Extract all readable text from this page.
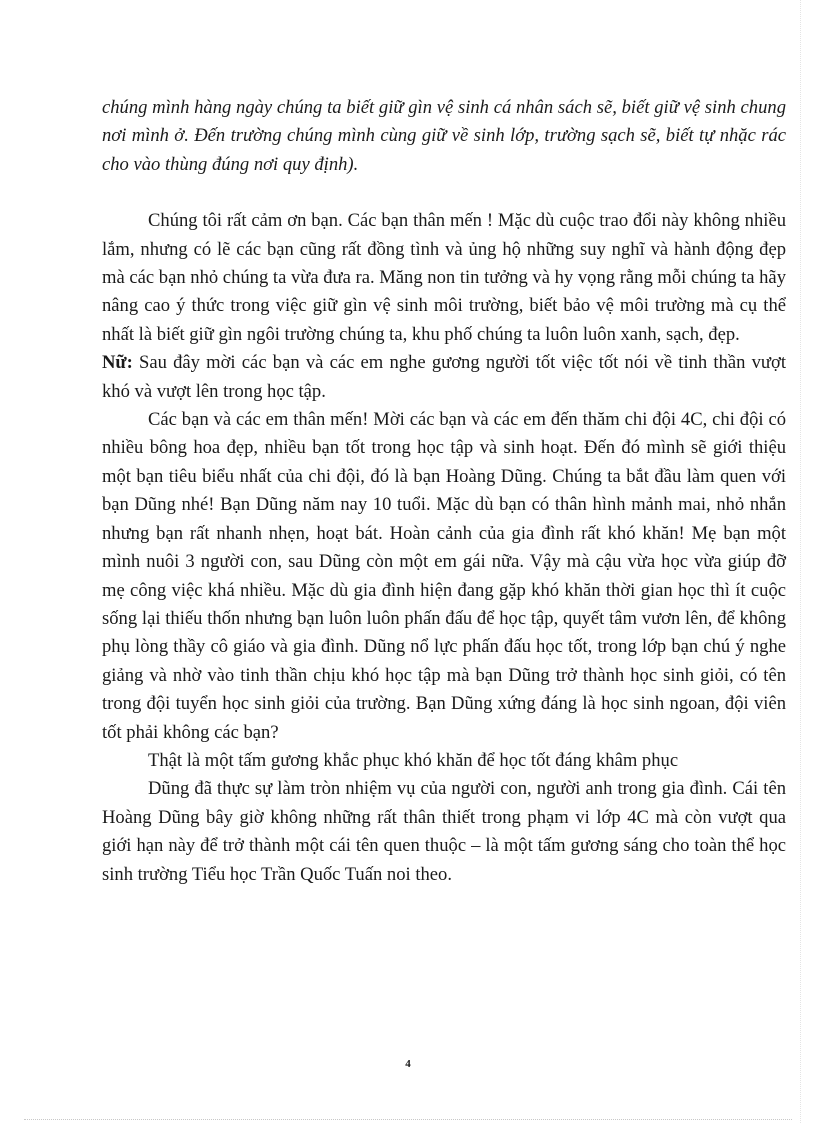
chúng mình hàng ngày chúng ta biết giữ gìn vệ sinh cá nhân sách sẽ, biết giữ vệ sinh chung nơi mình ở. Đến trường chúng mình cùng giữ về sinh lớp, trường sạch sẽ, biết tự nhặc rác cho vào thùng đúng nơi quy định).

Chúng tôi rất cảm ơn bạn. Các bạn thân mến ! Mặc dù cuộc trao đổi này không nhiều lắm, nhưng có lẽ các bạn cũng rất đồng tình và ủng hộ những suy nghĩ và hành động đẹp mà các bạn nhỏ chúng ta vừa đưa ra. Măng non tin tưởng và hy vọng rằng mỗi chúng ta hãy nâng cao ý thức trong việc giữ gìn vệ sinh môi trường, biết bảo vệ môi trường mà cụ thể nhất là biết giữ gìn ngôi trường chúng ta, khu phố chúng ta luôn luôn xanh, sạch, đẹp.

Nữ: Sau đây mời các bạn và các em nghe gương người tốt việc tốt nói về tinh thần vượt khó và vượt lên trong học tập.

Các bạn và các em thân mến! Mời các bạn và các em đến thăm chi đội 4C, chi đội có nhiều bông hoa đẹp, nhiều bạn tốt trong học tập và sinh hoạt. Đến đó mình sẽ giới thiệu một bạn tiêu biểu nhất của chi đội, đó là bạn Hoàng Dũng. Chúng ta bắt đầu làm quen với bạn Dũng nhé! Bạn Dũng năm nay 10 tuổi. Mặc dù bạn có thân hình mảnh mai, nhỏ nhắn nhưng bạn rất nhanh nhẹn, hoạt bát. Hoàn cảnh của gia đình rất khó khăn! Mẹ bạn một mình nuôi 3 người con, sau Dũng còn một em gái nữa. Vậy mà cậu vừa học vừa giúp đỡ mẹ công việc khá nhiều. Mặc dù gia đình hiện đang gặp khó khăn thời gian học thì ít cuộc sống lại thiếu thốn nhưng bạn luôn luôn phấn đấu để học tập, quyết tâm vươn lên, để không phụ lòng thầy cô giáo và gia đình. Dũng nổ lực phấn đấu học tốt, trong lớp bạn chú ý nghe giảng và nhờ vào tinh thần chịu khó học tập mà bạn Dũng trở thành học sinh giỏi, có tên trong đội tuyển học sinh giỏi của trường. Bạn Dũng xứng đáng là học sinh ngoan, đội viên tốt phải không các bạn?

Thật là một tấm gương khắc phục khó khăn để học tốt đáng khâm phục

Dũng đã thực sự làm tròn nhiệm vụ của người con, người anh trong gia đình. Cái tên Hoàng Dũng bây giờ không những rất thân thiết trong phạm vi lớp 4C mà còn vượt qua giới hạn này để trở thành một cái tên quen thuộc – là một tấm gương sáng cho toàn thể học sinh trường Tiểu học Trần Quốc Tuấn noi theo.

4
